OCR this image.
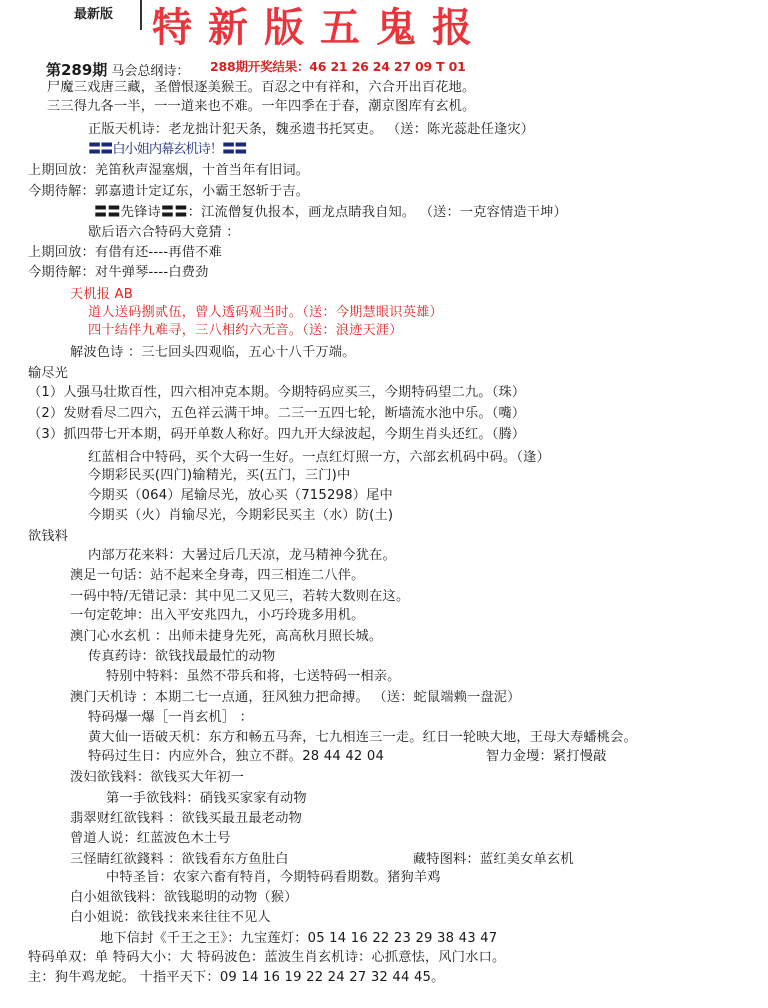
最新版 特新版五鬼报
第289期 马会总纲诗： 288期开奖结果：46 21 26 24 27 09 T 01
尸魔三戏唐三藏，圣僧恨逐美猴王。百忍之中有祥和，六合开出百花地。
三三得九各一半，一一道来也不难。一年四季在于春，潮京图库有玄机。
正版天机诗：老龙拙计犯天条，魏丞遗书托冥吏。 （送：陈光蕊赴任逢灾）
〓〓白小姐内幕玄机诗！〓〓
上期回放：羌笛秋声湿塞烟，十首当年有旧词。
今期待解：郭嘉遗计定辽东，小霸王怒斩于吉。
〓〓先锋诗〓〓：江流僧复仇报本，画龙点睛我自知。 （送：一克容情造干坤）
歇后语六合特码大竟猜 ：
上期回放：有借有还----再借不难
今期待解：对牛弹琴----白费劲
天机报 AB
道人送码捌贰伍，曾人透码观当时。（送：今期慧眼识英雄）
四十结伴九难寻，三八相约六无音。（送：浪迹天涯）
解波色诗 ：三七回头四观临，五心十八千万端。
输尽光
（1）人强马壮欺百性，四六相冲克本期。今期特码应买三，今期特码望二九。（珠）
（2）发财看尽二四六，五色祥云满干坤。二三一五四七轮，断墙流水池中乐。（嘴）
（3）抓四带七开本期，码开单数人称好。四九开大绿波起，今期生肖头还红。（腾）
红蓝相合中特码，买个大码一生好。一点红灯照一方，六部玄机码中码。（逢）
今期彩民买(四门)输精光，买(五门，三门)中
今期买（064）尾输尽光，放心买（715298）尾中
今期买（火）肖输尽光，今期彩民买主（水）防(土)
欲钱料
内部万花来料：大暑过后几天凉，龙马精神今犹在。
澳足一句话：站不起来全身毒，四三相连二八伴。
一码中特/无错记录：其中见二又见三，若转大数则在这。
一句定乾坤：出入平安兆四九，小巧玲珑多用机。
澳门心水玄机 ：出师未捷身先死，高高秋月照长城。
传真药诗：欲钱找最最忙的动物
特别中特料：虽然不带兵和将，七送特码一相亲。
澳门天机诗 ：本期二七一点通，狂风独力把命搏。 （送：蛇鼠端赖一盘泥）
特码爆一爆［一肖玄机］ ：
黄大仙一语破天机：东方和畅五马奔，七九相连三一走。红日一轮映大地，王母大寿蟠桃会。
特码过生日：内应外合，独立不群。28 44 42 04	智力金墁：紧打慢敲
泼妇欲钱料：欲钱买大年初一
第一手欲钱料：硝钱买家家有动物
翡翠财红欲钱料 ：欲钱买最丑最老动物
曾道人说：红蓝波色木土号
三怪睛红欲錢料 ：欲钱看东方鱼肚白	藏特图料：蓝红美女单玄机
中特圣旨：农家六畜有特肖，今期特码看期数。猪狗羊鸡
白小姐欲钱料：欲钱聪明的动物（猴）
白小姐说：欲钱找来来往往不见人
地下信封《千王之王》：九宝莲灯：05 14 16 22 23 29 38 43 47
特码单双：单 特码大小：大 特码波色：蓝波生肖玄机诗：心抓意怯，风门水口。
主：狗牛鸡龙蛇。 十指平天下：09 14 16 19 22 24 27 32 44 45。
